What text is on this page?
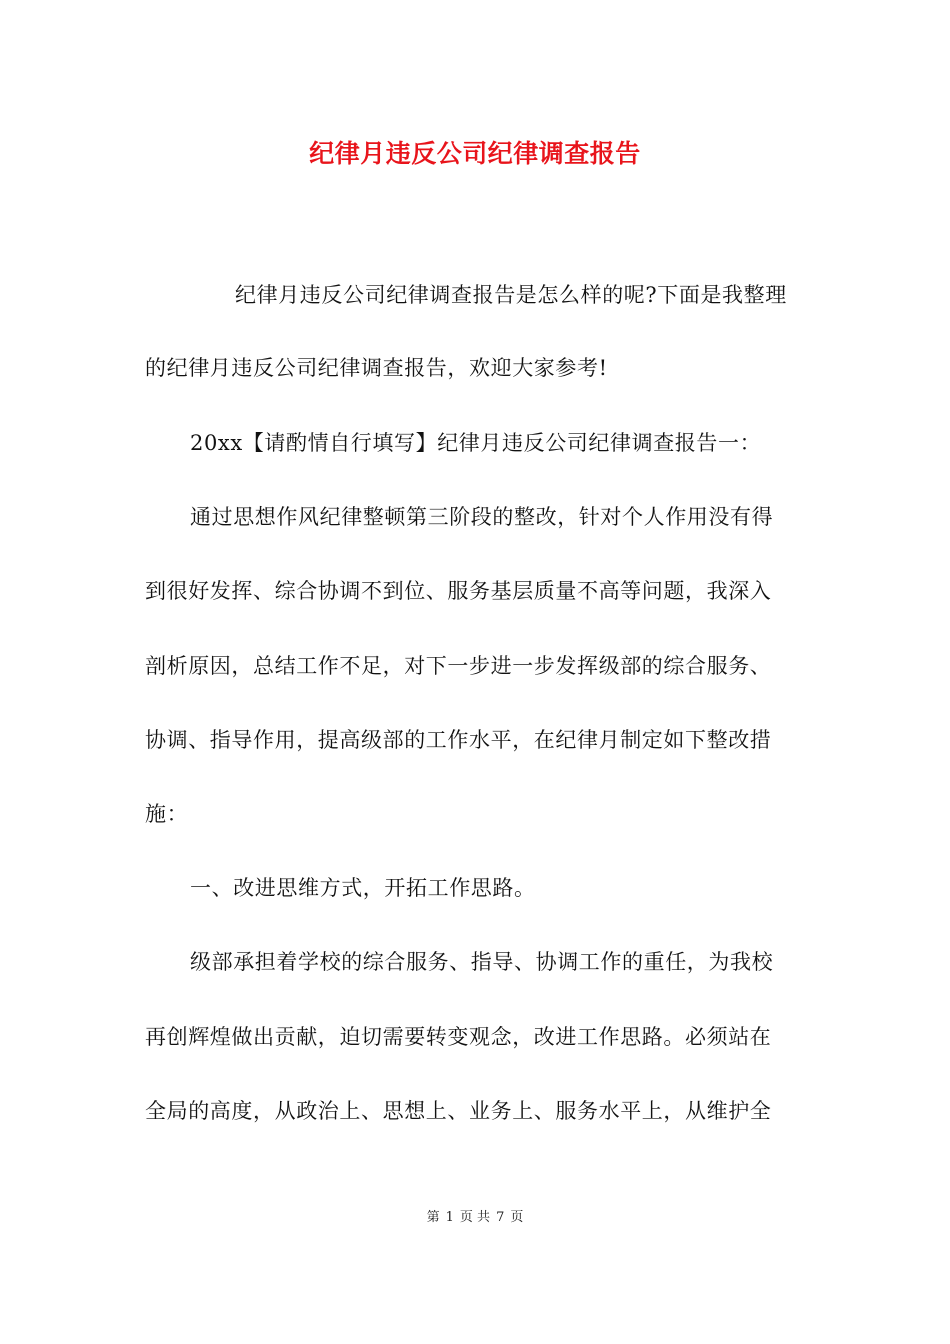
纪律月违反公司纪律调查报告
纪律月违反公司纪律调查报告是怎么样的呢?下面是我整理
的纪律月违反公司纪律调查报告，欢迎大家参考!
20xx【请酌情自行填写】纪律月违反公司纪律调查报告一：
通过思想作风纪律整顿第三阶段的整改，针对个人作用没有得
到很好发挥、综合协调不到位、服务基层质量不高等问题，我深入
剖析原因，总结工作不足，对下一步进一步发挥级部的综合服务、
协调、指导作用，提高级部的工作水平，在纪律月制定如下整改措
施：
一、改进思维方式，开拓工作思路。
级部承担着学校的综合服务、指导、协调工作的重任，为我校
再创辉煌做出贡献，迫切需要转变观念，改进工作思路。必须站在
全局的高度，从政治上、思想上、业务上、服务水平上，从维护全
第 1 页 共 7 页
